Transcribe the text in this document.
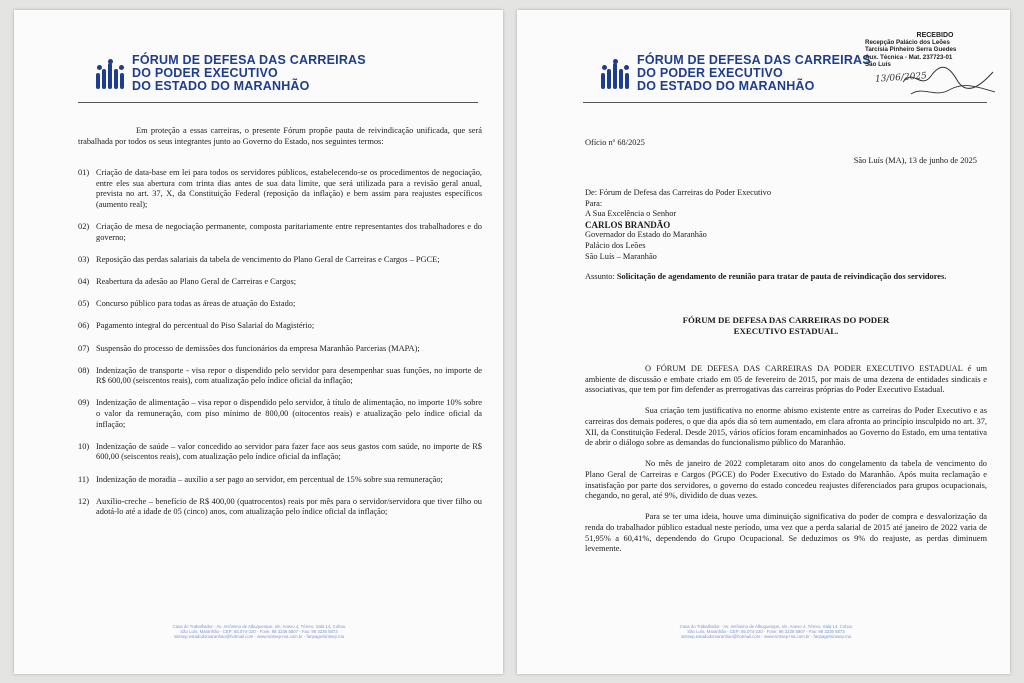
FÓRUM DE DEFESA DAS CARREIRAS
DO PODER EXECUTIVO
DO ESTADO DO MARANHÃO
Em proteção a essas carreiras, o presente Fórum propõe pauta de reivindicação unificada, que será trabalhada por todos os seus integrantes junto ao Governo do Estado, nos seguintes termos:
01) Criação de data-base em lei para todos os servidores públicos, estabelecendo-se os procedimentos de negociação, entre eles sua abertura com trinta dias antes de sua data limite, que será utilizada para a revisão geral anual, prevista no art. 37, X, da Constituição Federal (reposição da inflação) e bem assim para reajustes específicos (aumento real);
02) Criação de mesa de negociação permanente, composta paritariamente entre representantes dos trabalhadores e do governo;
03) Reposição das perdas salariais da tabela de vencimento do Plano Geral de Carreiras e Cargos – PGCE;
04) Reabertura da adesão ao Plano Geral de Carreiras e Cargos;
05) Concurso público para todas as áreas de atuação do Estado;
06) Pagamento integral do percentual do Piso Salarial do Magistério;
07) Suspensão do processo de demissões dos funcionários da empresa Maranhão Parcerias (MAPA);
08) Indenização de transporte - visa repor o dispendido pelo servidor para desempenhar suas funções, no importe de R$ 600,00 (seiscentos reais), com atualização pelo índice oficial da inflação;
09) Indenização de alimentação – visa repor o dispendido pelo servidor, à título de alimentação, no importe 10% sobre o valor da remuneração, com piso mínimo de 800,00 (oitocentos reais) e atualização pelo índice oficial da inflação;
10) Indenização de saúde – valor concedido ao servidor para fazer face aos seus gastos com saúde, no importe de R$ 600,00 (seiscentos reais), com atualização pelo índice oficial da inflação;
11) Indenização de moradia – auxílio a ser pago ao servidor, em percentual de 15% sobre sua remuneração;
12) Auxílio-creche – benefício de R$ 400,00 (quatrocentos) reais por mês para o servidor/servidora que tiver filho ou adotá-lo até a idade de 05 (cinco) anos, com atualização pelo índice oficial da inflação;
Casa do Trabalhador - Av. Jerônimo de Albuquerque, s/n, Anexo 4, Térreo, Sala 14, Cohou
São Luís, Maranhão - CEP: 65.074-220 - Fone: 98 3236 5807 - Fax: 98 3236 5873
sintsep.estadodomaranhao@hotmail.com - www.sintsep-ma.com.br - fanpage/sintsep.ma
FÓRUM DE DEFESA DAS CARREIRAS
DO PODER EXECUTIVO
DO ESTADO DO MARANHÃO
RECEBIDO
Recepção Palácio dos Leões
Tarcísia Pinheiro Serra Guedes
Aux. Técnica - Mat. 237723-01
São Luís
13/06/2025
Ofício nº 68/2025
São Luís (MA), 13 de junho de 2025
De: Fórum de Defesa das Carreiras do Poder Executivo
Para:
A Sua Excelência o Senhor
CARLOS BRANDÃO
Governador do Estado do Maranhão
Palácio dos Leões
São Luís – Maranhão
Assunto: Solicitação de agendamento de reunião para tratar de pauta de reivindicação dos servidores.
FÓRUM DE DEFESA DAS CARREIRAS DO PODER
EXECUTIVO ESTADUAL.
O FÓRUM DE DEFESA DAS CARREIRAS DA PODER EXECUTIVO ESTADUAL é um ambiente de discussão e embate criado em 05 de fevereiro de 2015, por mais de uma dezena de entidades sindicais e associativas, que tem por fim defender as prerrogativas das carreiras próprias do Poder Executivo Estadual.
Sua criação tem justificativa no enorme abismo existente entre as carreiras do Poder Executivo e as carreiras dos demais poderes, o que dia após dia só tem aumentado, em clara afronta ao princípio insculpido no art. 37, XII, da Constituição Federal. Desde 2015, vários ofícios foram encaminhados ao Governo do Estado, em uma tentativa de abrir o diálogo sobre as demandas do funcionalismo público do Maranhão.
No mês de janeiro de 2022 completaram oito anos do congelamento da tabela de vencimento do Plano Geral de Carreiras e Cargos (PGCE) do Poder Executivo do Estado do Maranhão. Após muita reclamação e insatisfação por parte dos servidores, o governo do estado concedeu reajustes diferenciados para grupos ocupacionais, chegando, no geral, até 9%, dividido de duas vezes.
Para se ter uma ideia, houve uma diminuição significativa do poder de compra e desvalorização da renda do trabalhador público estadual neste período, uma vez que a perda salarial de 2015 até janeiro de 2022 varia de 51,95% a 60,41%, dependendo do Grupo Ocupacional. Se deduzimos os 9% do reajuste, as perdas diminuem levemente.
Casa do Trabalhador - Av. Jerônimo de Albuquerque, s/n, Anexo 4, Térreo, Sala 14, Cohou
São Luís, Maranhão - CEP: 65.074-220 - Fone: 98 3236 5807 - Fax: 98 3236 5873
sintsep.estadodomaranhao@hotmail.com - www.sintsep-ma.com.br - fanpage/sintsep.ma
